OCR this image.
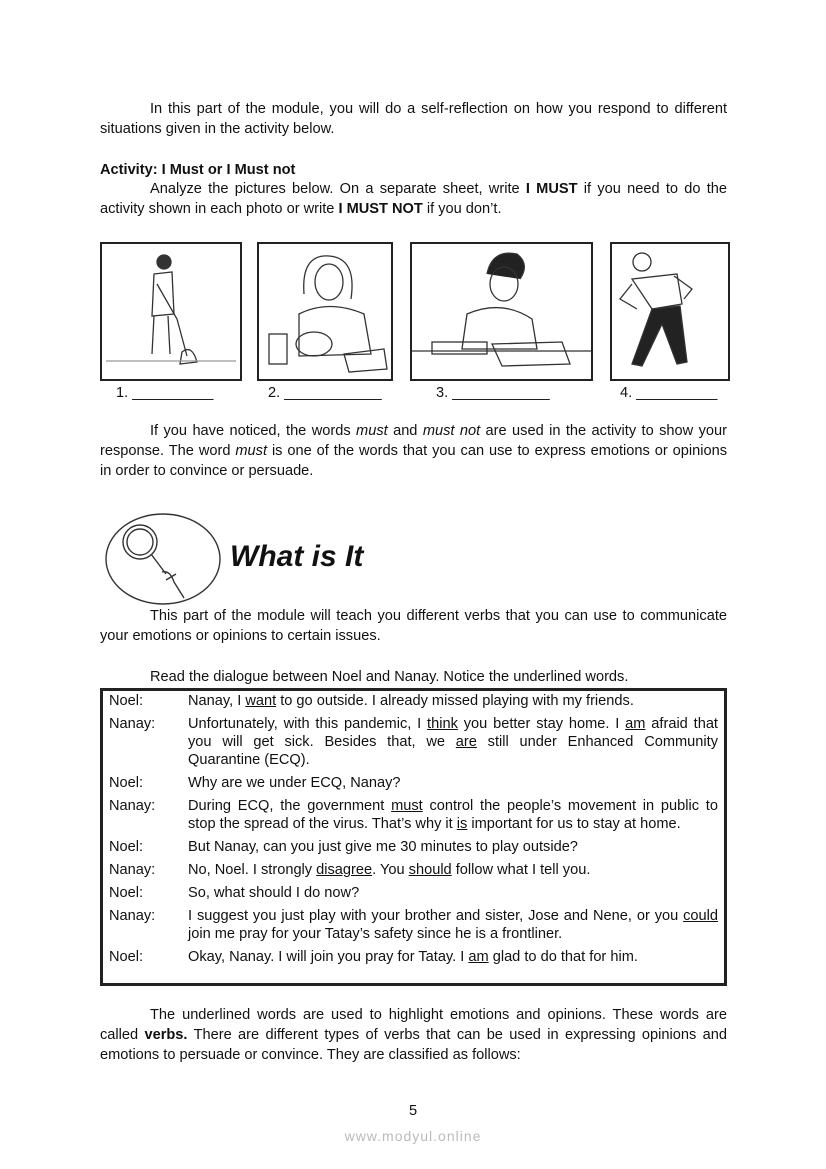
In this part of the module, you will do a self-reflection on how you respond to different situations given in the activity below.
Activity: I Must or I Must not
Analyze the pictures below. On a separate sheet, write I MUST if you need to do the activity shown in each photo or write I MUST NOT if you don’t.
1. __________	2. ____________	3. ____________	4. __________
If you have noticed, the words must and must not are used in the activity to show your response. The word must is one of the words that you can use to express emotions or opinions in order to convince or persuade.
What is It
This part of the module will teach you different verbs that you can use to communicate your emotions or opinions to certain issues.
Read the dialogue between Noel and Nanay. Notice the underlined words.
Noel:	Nanay, I want to go outside. I already missed playing with my friends.
Nanay:	Unfortunately, with this pandemic, I think you better stay home. I am afraid that you will get sick. Besides that, we are still under Enhanced Community Quarantine (ECQ).
Noel:	Why are we under ECQ, Nanay?
Nanay:	During ECQ, the government must control the people’s movement in public to stop the spread of the virus. That’s why it is important for us to stay at home.
Noel:	But Nanay, can you just give me 30 minutes to play outside?
Nanay:	No, Noel. I strongly disagree. You should follow what I tell you.
Noel:	So, what should I do now?
Nanay:	I suggest you just play with your brother and sister, Jose and Nene, or you could join me pray for your Tatay’s safety since he is a frontliner.
Noel:	Okay, Nanay. I will join you pray for Tatay. I am glad to do that for him.
The underlined words are used to highlight emotions and opinions. These words are called verbs. There are different types of verbs that can be used in expressing opinions and emotions to persuade or convince. They are classified as follows:
5
www.modyul.online
